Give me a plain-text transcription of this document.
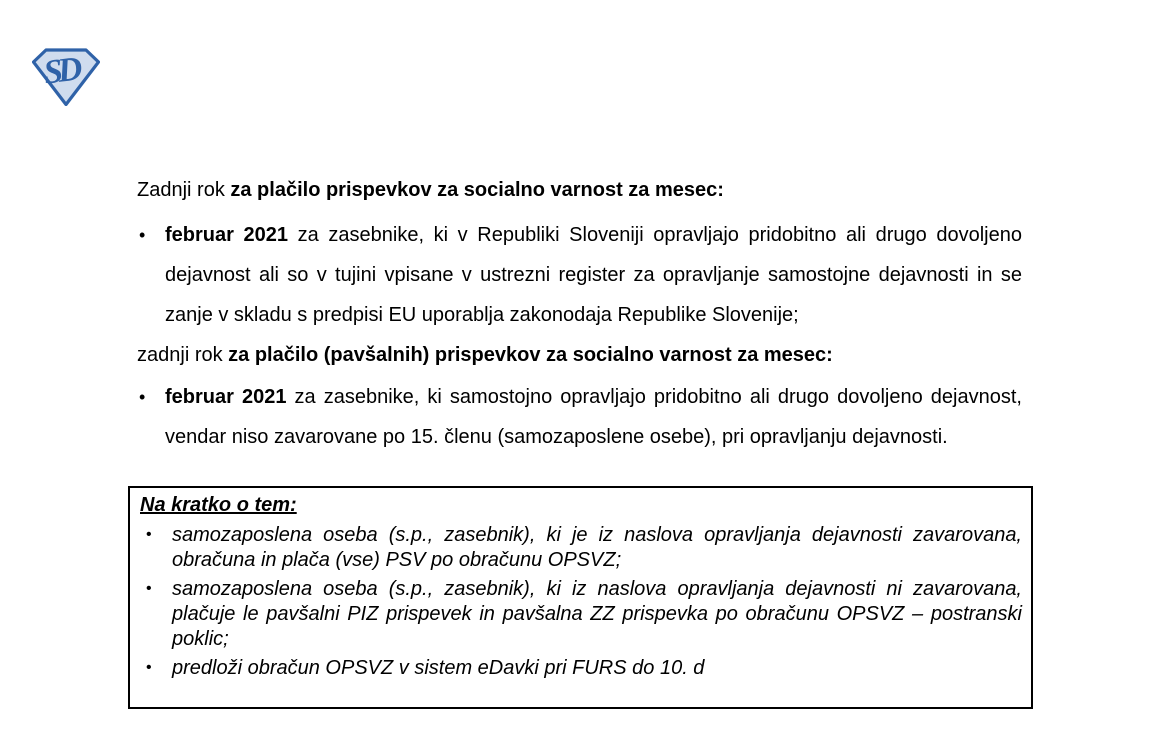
SD
Zadnji rok za plačilo prispevkov za socialno varnost za mesec:
• februar 2021 za zasebnike, ki v Republiki Sloveniji opravljajo pridobitno ali drugo dovoljeno dejavnost ali so v tujini vpisane v ustrezni register za opravljanje samostojne dejavnosti in se zanje v skladu s predpisi EU uporablja zakonodaja Republike Slovenije;
zadnji rok za plačilo (pavšalnih) prispevkov za socialno varnost za mesec:
• februar 2021 za zasebnike, ki samostojno opravljajo pridobitno ali drugo dovoljeno dejavnost, vendar niso zavarovane po 15. členu (samozaposlene osebe), pri opravljanju dejavnosti.
Na kratko o tem:
• samozaposlena oseba (s.p., zasebnik), ki je iz naslova opravljanja dejavnosti zavarovana, obračuna in plača (vse) PSV po obračunu OPSVZ;
• samozaposlena oseba (s.p., zasebnik), ki iz naslova opravljanja dejavnosti ni zavarovana, plačuje le pavšalni PIZ prispevek in pavšalna ZZ prispevka po obračunu OPSVZ – postranski poklic;
• predloži obračun OPSVZ v sistem eDavki pri FURS do 10. d
